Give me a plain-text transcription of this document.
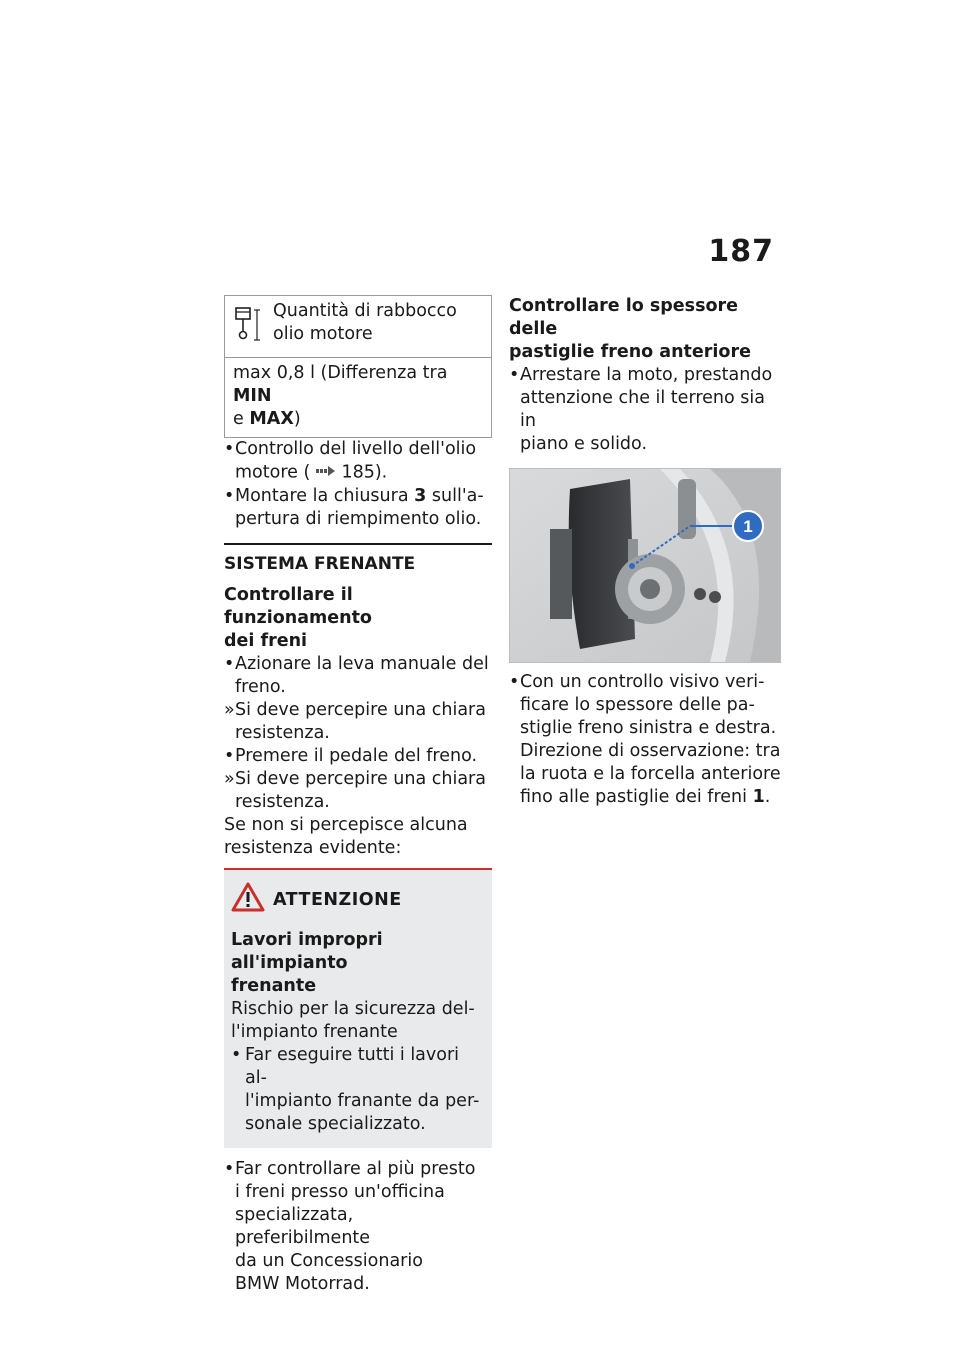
187
Quantità di rabbocco
olio motore
max 0,8 l (Differenza tra MIN
e MAX)
• Controllo del livello dell'olio
motore ( 185).
• Montare la chiusura 3 sull'a-
pertura di riempimento olio.
SISTEMA FRENANTE
Controllare il funzionamento
dei freni
• Azionare la leva manuale del
freno.
» Si deve percepire una chiara
resistenza.
• Premere il pedale del freno.
» Si deve percepire una chiara
resistenza.
Se non si percepisce alcuna
resistenza evidente:
ATTENZIONE
Lavori impropri all'impianto
frenante
Rischio per la sicurezza del-
l'impianto frenante
• Far eseguire tutti i lavori al-
l'impianto franante da per-
sonale specializzato.
• Far controllare al più presto
i freni presso un'officina
specializzata, preferibilmente
da un Concessionario
BMW Motorrad.
Controllare lo spessore delle
pastiglie freno anteriore
• Arrestare la moto, prestando
attenzione che il terreno sia in
piano e solido.
1
• Con un controllo visivo veri-
ficare lo spessore delle pa-
stiglie freno sinistra e destra.
Direzione di osservazione: tra
la ruota e la forcella anteriore
fino alle pastiglie dei freni 1.
